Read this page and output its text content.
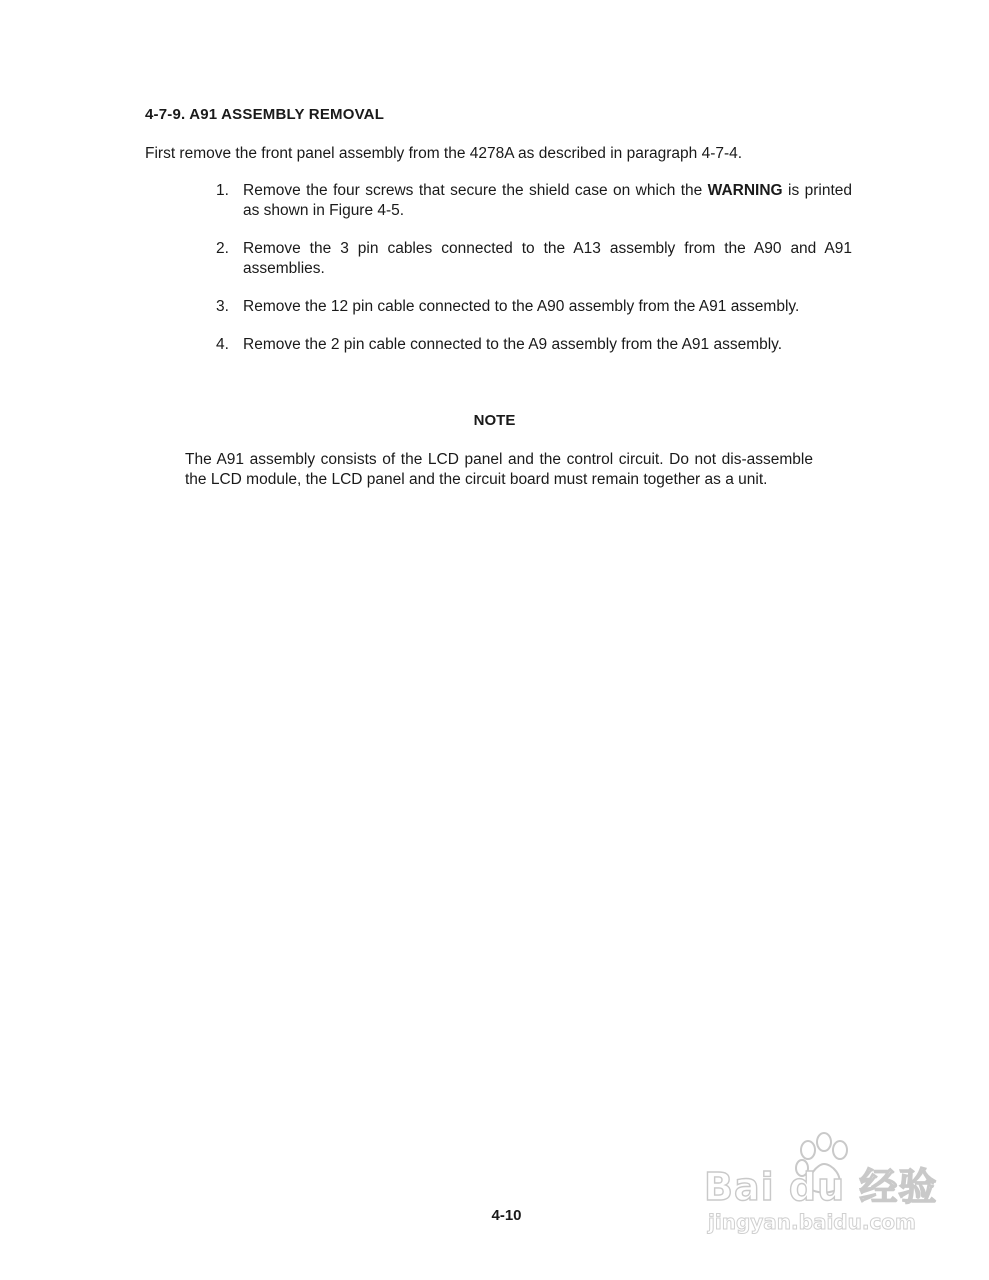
4-7-9. A91 ASSEMBLY REMOVAL
First remove the front panel assembly from the 4278A as described in paragraph 4-7-4.
1. Remove the four screws that secure the shield case on which the WARNING is printed as shown in Figure 4-5.
2. Remove the 3 pin cables connected to the A13 assembly from the A90 and A91 assemblies.
3. Remove the 12 pin cable connected to the A90 assembly from the A91 assembly.
4. Remove the 2 pin cable connected to the A9 assembly from the A91 assembly.
NOTE
The A91 assembly consists of the LCD panel and the control circuit. Do not dis-assemble the LCD module, the LCD panel and the circuit board must remain together as a unit.
4-10
Bai du 经验
jingyan.baidu.com
